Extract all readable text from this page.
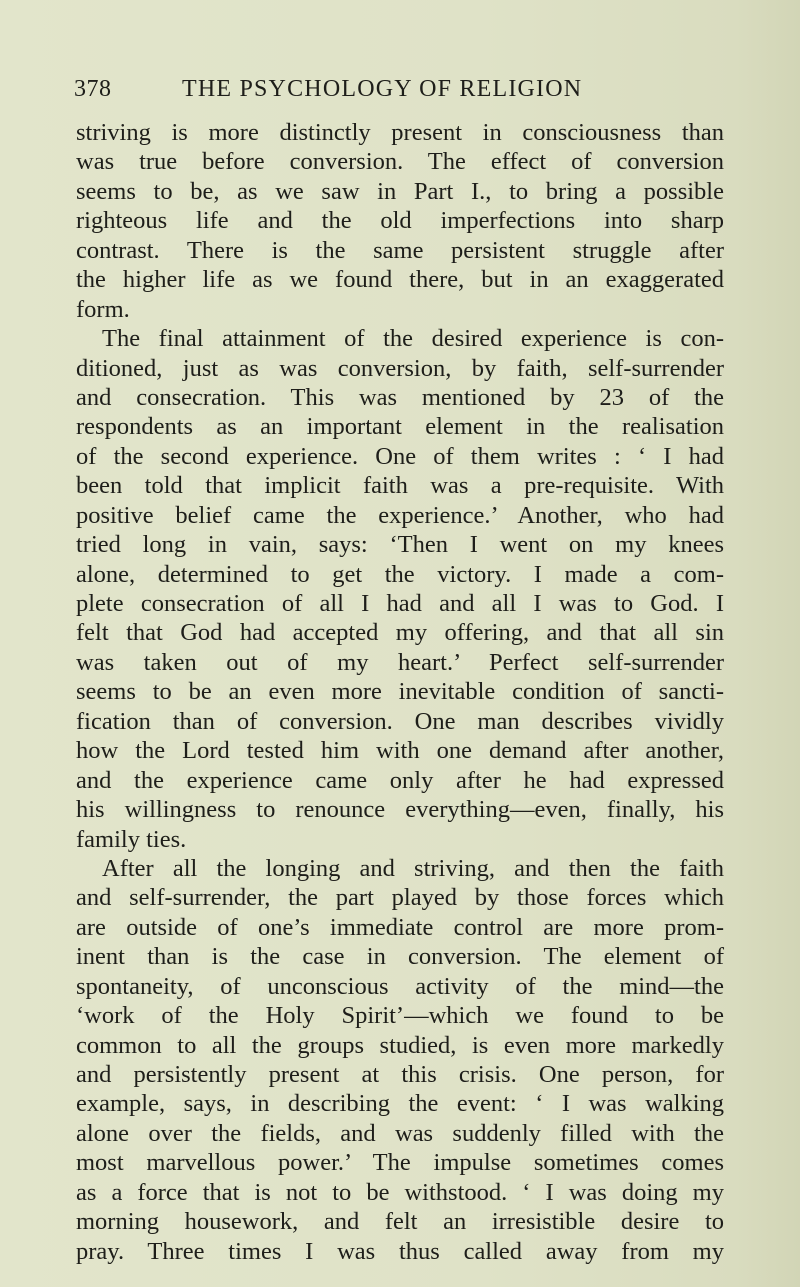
378	THE PSYCHOLOGY OF RELIGION
striving is more distinctly present in consciousness than
was true before conversion. The effect of conversion
seems to be, as we saw in Part I., to bring a possible
righteous life and the old imperfections into sharp
contrast. There is the same persistent struggle after
the higher life as we found there, but in an exaggerated
form.
The final attainment of the desired experience is con-
ditioned, just as was conversion, by faith, self-surrender
and consecration. This was mentioned by 23 of the
respondents as an important element in the realisation
of the second experience. One of them writes : ‘ I had
been told that implicit faith was a pre-requisite. With
positive belief came the experience.’ Another, who had
tried long in vain, says: ‘Then I went on my knees
alone, determined to get the victory. I made a com-
plete consecration of all I had and all I was to God. I
felt that God had accepted my offering, and that all sin
was taken out of my heart.’ Perfect self-surrender
seems to be an even more inevitable condition of sancti-
fication than of conversion. One man describes vividly
how the Lord tested him with one demand after another,
and the experience came only after he had expressed
his willingness to renounce everything—even, finally, his
family ties.
After all the longing and striving, and then the faith
and self-surrender, the part played by those forces which
are outside of one’s immediate control are more prom-
inent than is the case in conversion. The element of
spontaneity, of unconscious activity of the mind—the
‘work of the Holy Spirit’—which we found to be
common to all the groups studied, is even more markedly
and persistently present at this crisis. One person, for
example, says, in describing the event: ‘ I was walking
alone over the fields, and was suddenly filled with the
most marvellous power.’ The impulse sometimes comes
as a force that is not to be withstood. ‘ I was doing my
morning housework, and felt an irresistible desire to
pray. Three times I was thus called away from my
